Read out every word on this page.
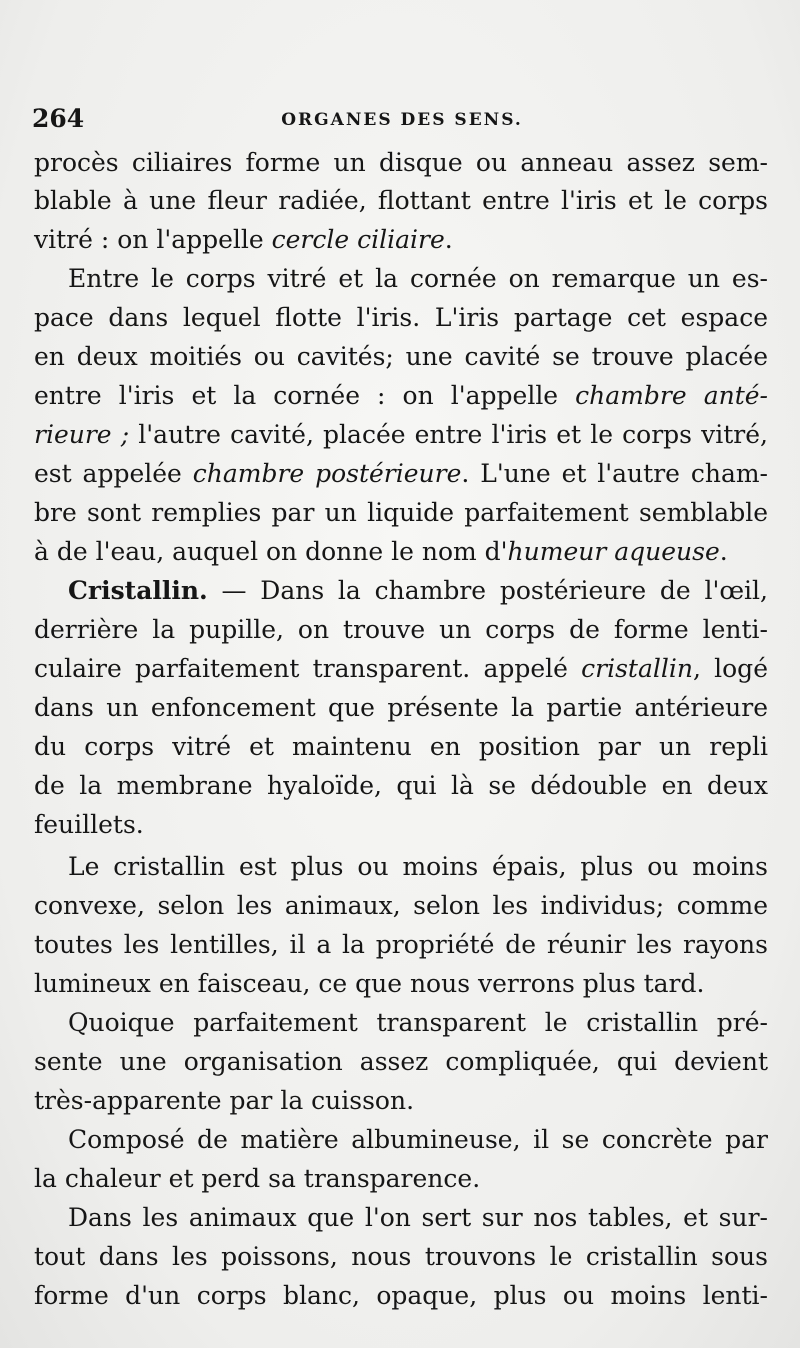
264	ORGANES DES SENS.
procès ciliaires forme un disque ou anneau assez sem-
blable à une fleur radiée, flottant entre l'iris et le corps
vitré : on l'appelle cercle ciliaire.
Entre le corps vitré et la cornée on remarque un es-
pace dans lequel flotte l'iris. L'iris partage cet espace
en deux moitiés ou cavités; une cavité se trouve placée
entre l'iris et la cornée : on l'appelle chambre anté-
rieure ; l'autre cavité, placée entre l'iris et le corps vitré,
est appelée chambre postérieure. L'une et l'autre cham-
bre sont remplies par un liquide parfaitement semblable
à de l'eau, auquel on donne le nom d'humeur aqueuse.
Cristallin. — Dans la chambre postérieure de l'œil,
derrière la pupille, on trouve un corps de forme lenti-
culaire parfaitement transparent. appelé cristallin, logé
dans un enfoncement que présente la partie antérieure
du corps vitré et maintenu en position par un repli
de la membrane hyaloïde, qui là se dédouble en deux
feuillets.
Le cristallin est plus ou moins épais, plus ou moins
convexe, selon les animaux, selon les individus; comme
toutes les lentilles, il a la propriété de réunir les rayons
lumineux en faisceau, ce que nous verrons plus tard.
Quoique parfaitement transparent le cristallin pré-
sente une organisation assez compliquée, qui devient
très-apparente par la cuisson.
Composé de matière albumineuse, il se concrète par
la chaleur et perd sa transparence.
Dans les animaux que l'on sert sur nos tables, et sur-
tout dans les poissons, nous trouvons le cristallin sous
forme d'un corps blanc, opaque, plus ou moins lenti-
